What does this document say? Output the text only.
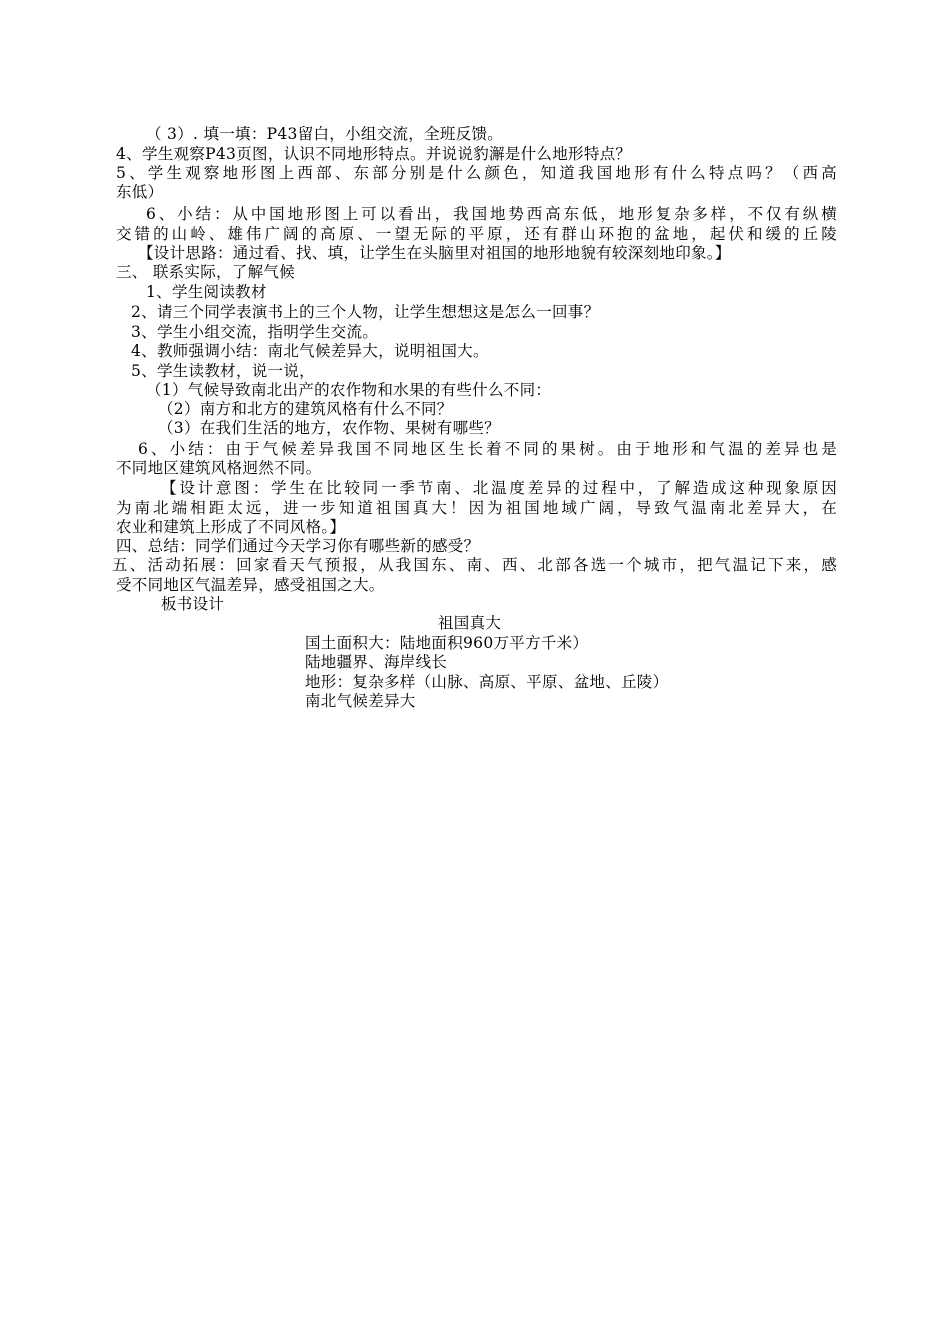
（ 3）. 填一填：P43留白，小组交流，全班反馈。
4、学生观察P43页图，认识不同地形特点。并说说豹澥是什么地形特点？
5、学生观察地形图上西部、东部分别是什么颜色，知道我国地形有什么特点吗？（西高
东低）
6、小结：从中国地形图上可以看出，我国地势西高东低，地形复杂多样，不仅有纵横
交错的山岭、雄伟广阔的高原、一望无际的平原，还有群山环抱的盆地，起伏和缓的丘陵
【设计思路：通过看、找、填，让学生在头脑里对祖国的地形地貌有较深刻地印象。】
三、 联系实际，了解气候
1、学生阅读教材
2、请三个同学表演书上的三个人物，让学生想想这是怎么一回事？
3、学生小组交流，指明学生交流。
4、教师强调小结：南北气候差异大，说明祖国大。
5、学生读教材，说一说，
（1）气候导致南北出产的农作物和水果的有些什么不同：
（2）南方和北方的建筑风格有什么不同？
（3）在我们生活的地方，农作物、果树有哪些？
6、小结：由于气候差异我国不同地区生长着不同的果树。由于地形和气温的差异也是
不同地区建筑风格迥然不同。
【设计意图：学生在比较同一季节南、北温度差异的过程中，了解造成这种现象原因
为南北端相距太远，进一步知道祖国真大！因为祖国地域广阔，导致气温南北差异大，在
农业和建筑上形成了不同风格。】
四、总结：同学们通过今天学习你有哪些新的感受？
五、活动拓展：回家看天气预报，从我国东、南、西、北部各选一个城市，把气温记下来，感
受不同地区气温差异，感受祖国之大。
板书设计
祖国真大
国土面积大：陆地面积960万平方千米）
陆地疆界、海岸线长
地形：复杂多样（山脉、高原、平原、盆地、丘陵）
南北气候差异大
